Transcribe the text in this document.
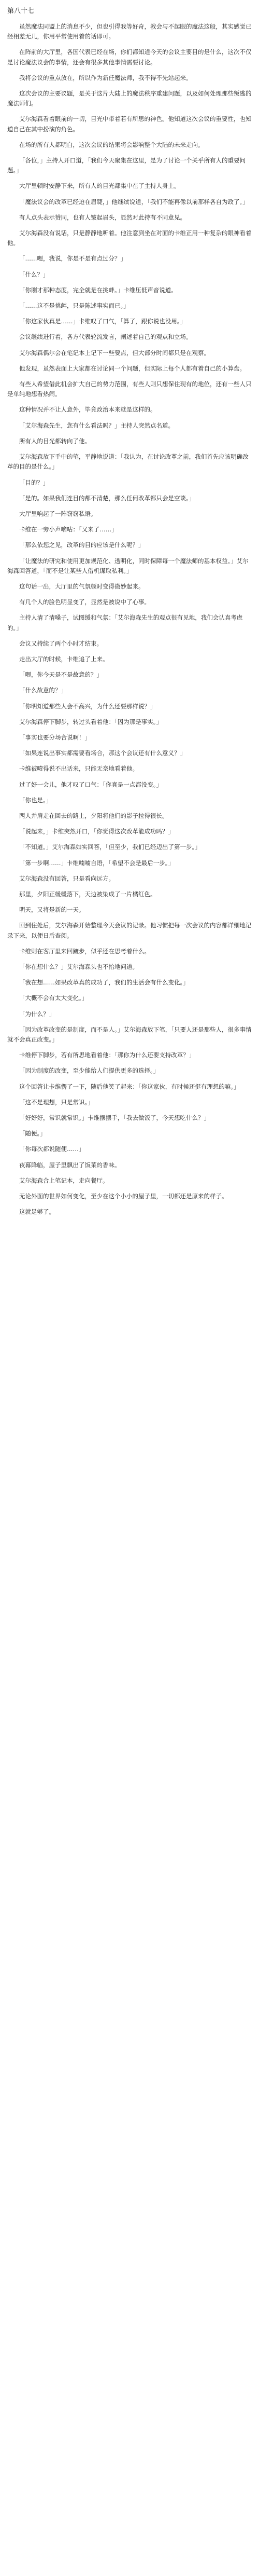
第八十七

虽然魔法同盟上的消息不少，但也引得我等好奇，教会与不起眼的魔法这般，其实感觉已经相差无几，你用平常使用着的话即可。

在阵前的大厅里，各国代表已经在场，你们都知道今天的会议主要目的是什么，这次不仅是讨论魔法议会的事情，还会有很多其他事情需要讨论。

我将会议的重点放在，所以作为新任魔法师，我不得不先站起来。

这次会议的主要议题，是关于这片大陆上的魔法秩序重建问题，以及如何处理那些叛逃的魔法师们。

艾尔海森看着眼前的一切，目光中带着若有所思的神色。他知道这次会议的重要性，也知道自己在其中扮演的角色。

在场的所有人都明白，这次会议的结果将会影响整个大陆的未来走向。

「各位，」主持人开口道，「我们今天聚集在这里，是为了讨论一个关乎所有人的重要问题。」

大厅里顿时安静下来，所有人的目光都集中在了主持人身上。

「魔法议会的改革已经迫在眉睫，」他继续说道，「我们不能再像以前那样各自为政了。」

有人点头表示赞同，也有人皱起眉头，显然对此持有不同意见。

艾尔海森没有说话，只是静静地听着。他注意到坐在对面的卡维正用一种复杂的眼神看着他。

「……嗯，我说，你是不是有点过分？」

「什么？」

「你刚才那种态度，完全就是在挑衅。」卡维压低声音说道。

「……这不是挑衅，只是陈述事实而已。」

「你这家伙真是……」卡维叹了口气，「算了，跟你说也没用。」

会议继续进行着，各方代表轮流发言，阐述着自己的观点和立场。

艾尔海森偶尔会在笔记本上记下一些要点，但大部分时间都只是在观察。

他发现，虽然表面上大家都在讨论同一个问题，但实际上每个人都有着自己的小算盘。

有些人希望借此机会扩大自己的势力范围，有些人则只想保住现有的地位，还有一些人只是单纯地想看热闹。

这种情况并不让人意外，毕竟政治本来就是这样的。

「艾尔海森先生，您有什么看法吗？」主持人突然点名道。

所有人的目光都转向了他。

艾尔海森放下手中的笔，平静地说道：「我认为，在讨论改革之前，我们首先应该明确改革的目的是什么。」

「目的？」

「是的。如果我们连目的都不清楚，那么任何改革都只会是空谈。」

大厅里响起了一阵窃窃私语。

卡维在一旁小声嘀咕：「又来了……」

「那么依您之见，改革的目的应该是什么呢？」

「让魔法的研究和使用更加规范化、透明化，同时保障每一个魔法师的基本权益。」艾尔海森回答道，「而不是让某些人借机谋取私利。」

这句话一出，大厅里的气氛顿时变得微妙起来。

有几个人的脸色明显变了，显然是被说中了心事。

主持人清了清嗓子，试图缓和气氛：「艾尔海森先生的观点很有见地，我们会认真考虑的。」

会议又持续了两个小时才结束。

走出大厅的时候，卡维追了上来。

「喂，你今天是不是故意的？」

「什么故意的？」

「你明知道那些人会不高兴，为什么还要那样说？」

艾尔海森停下脚步，转过头看着他：「因为那是事实。」

「事实也要分场合说啊！」

「如果连说出事实都需要看场合，那这个会议还有什么意义？」

卡维被噎得说不出话来，只能无奈地看着他。

过了好一会儿，他才叹了口气：「你真是一点都没变。」

「你也是。」

两人并肩走在回去的路上，夕阳将他们的影子拉得很长。

「说起来，」卡维突然开口，「你觉得这次改革能成功吗？」

「不知道。」艾尔海森如实回答，「但至少，我们已经迈出了第一步。」

「第一步啊……」卡维喃喃自语，「希望不会是最后一步。」

艾尔海森没有回答，只是看向远方。

那里，夕阳正缓缓落下，天边被染成了一片橘红色。

明天，又将是新的一天。

回到住处后，艾尔海森开始整理今天会议的记录。他习惯把每一次会议的内容都详细地记录下来，以便日后查阅。

卡维则在客厅里来回踱步，似乎还在思考着什么。

「你在想什么？」艾尔海森头也不抬地问道。

「我在想……如果改革真的成功了，我们的生活会有什么变化。」

「大概不会有太大变化。」

「为什么？」

「因为改革改变的是制度，而不是人。」艾尔海森放下笔，「只要人还是那些人，很多事情就不会真正改变。」

卡维停下脚步，若有所思地看着他：「那你为什么还要支持改革？」

「因为制度的改变，至少能给人们提供更多的选择。」

这个回答让卡维愣了一下，随后他笑了起来：「你这家伙，有时候还挺有理想的嘛。」

「这不是理想，只是常识。」

「好好好，常识就常识。」卡维摆摆手，「我去做饭了，今天想吃什么？」

「随便。」

「你每次都说随便……」

夜幕降临，屋子里飘出了饭菜的香味。

艾尔海森合上笔记本，走向餐厅。

无论外面的世界如何变化，至少在这个小小的屋子里，一切都还是原来的样子。

这就足够了。
